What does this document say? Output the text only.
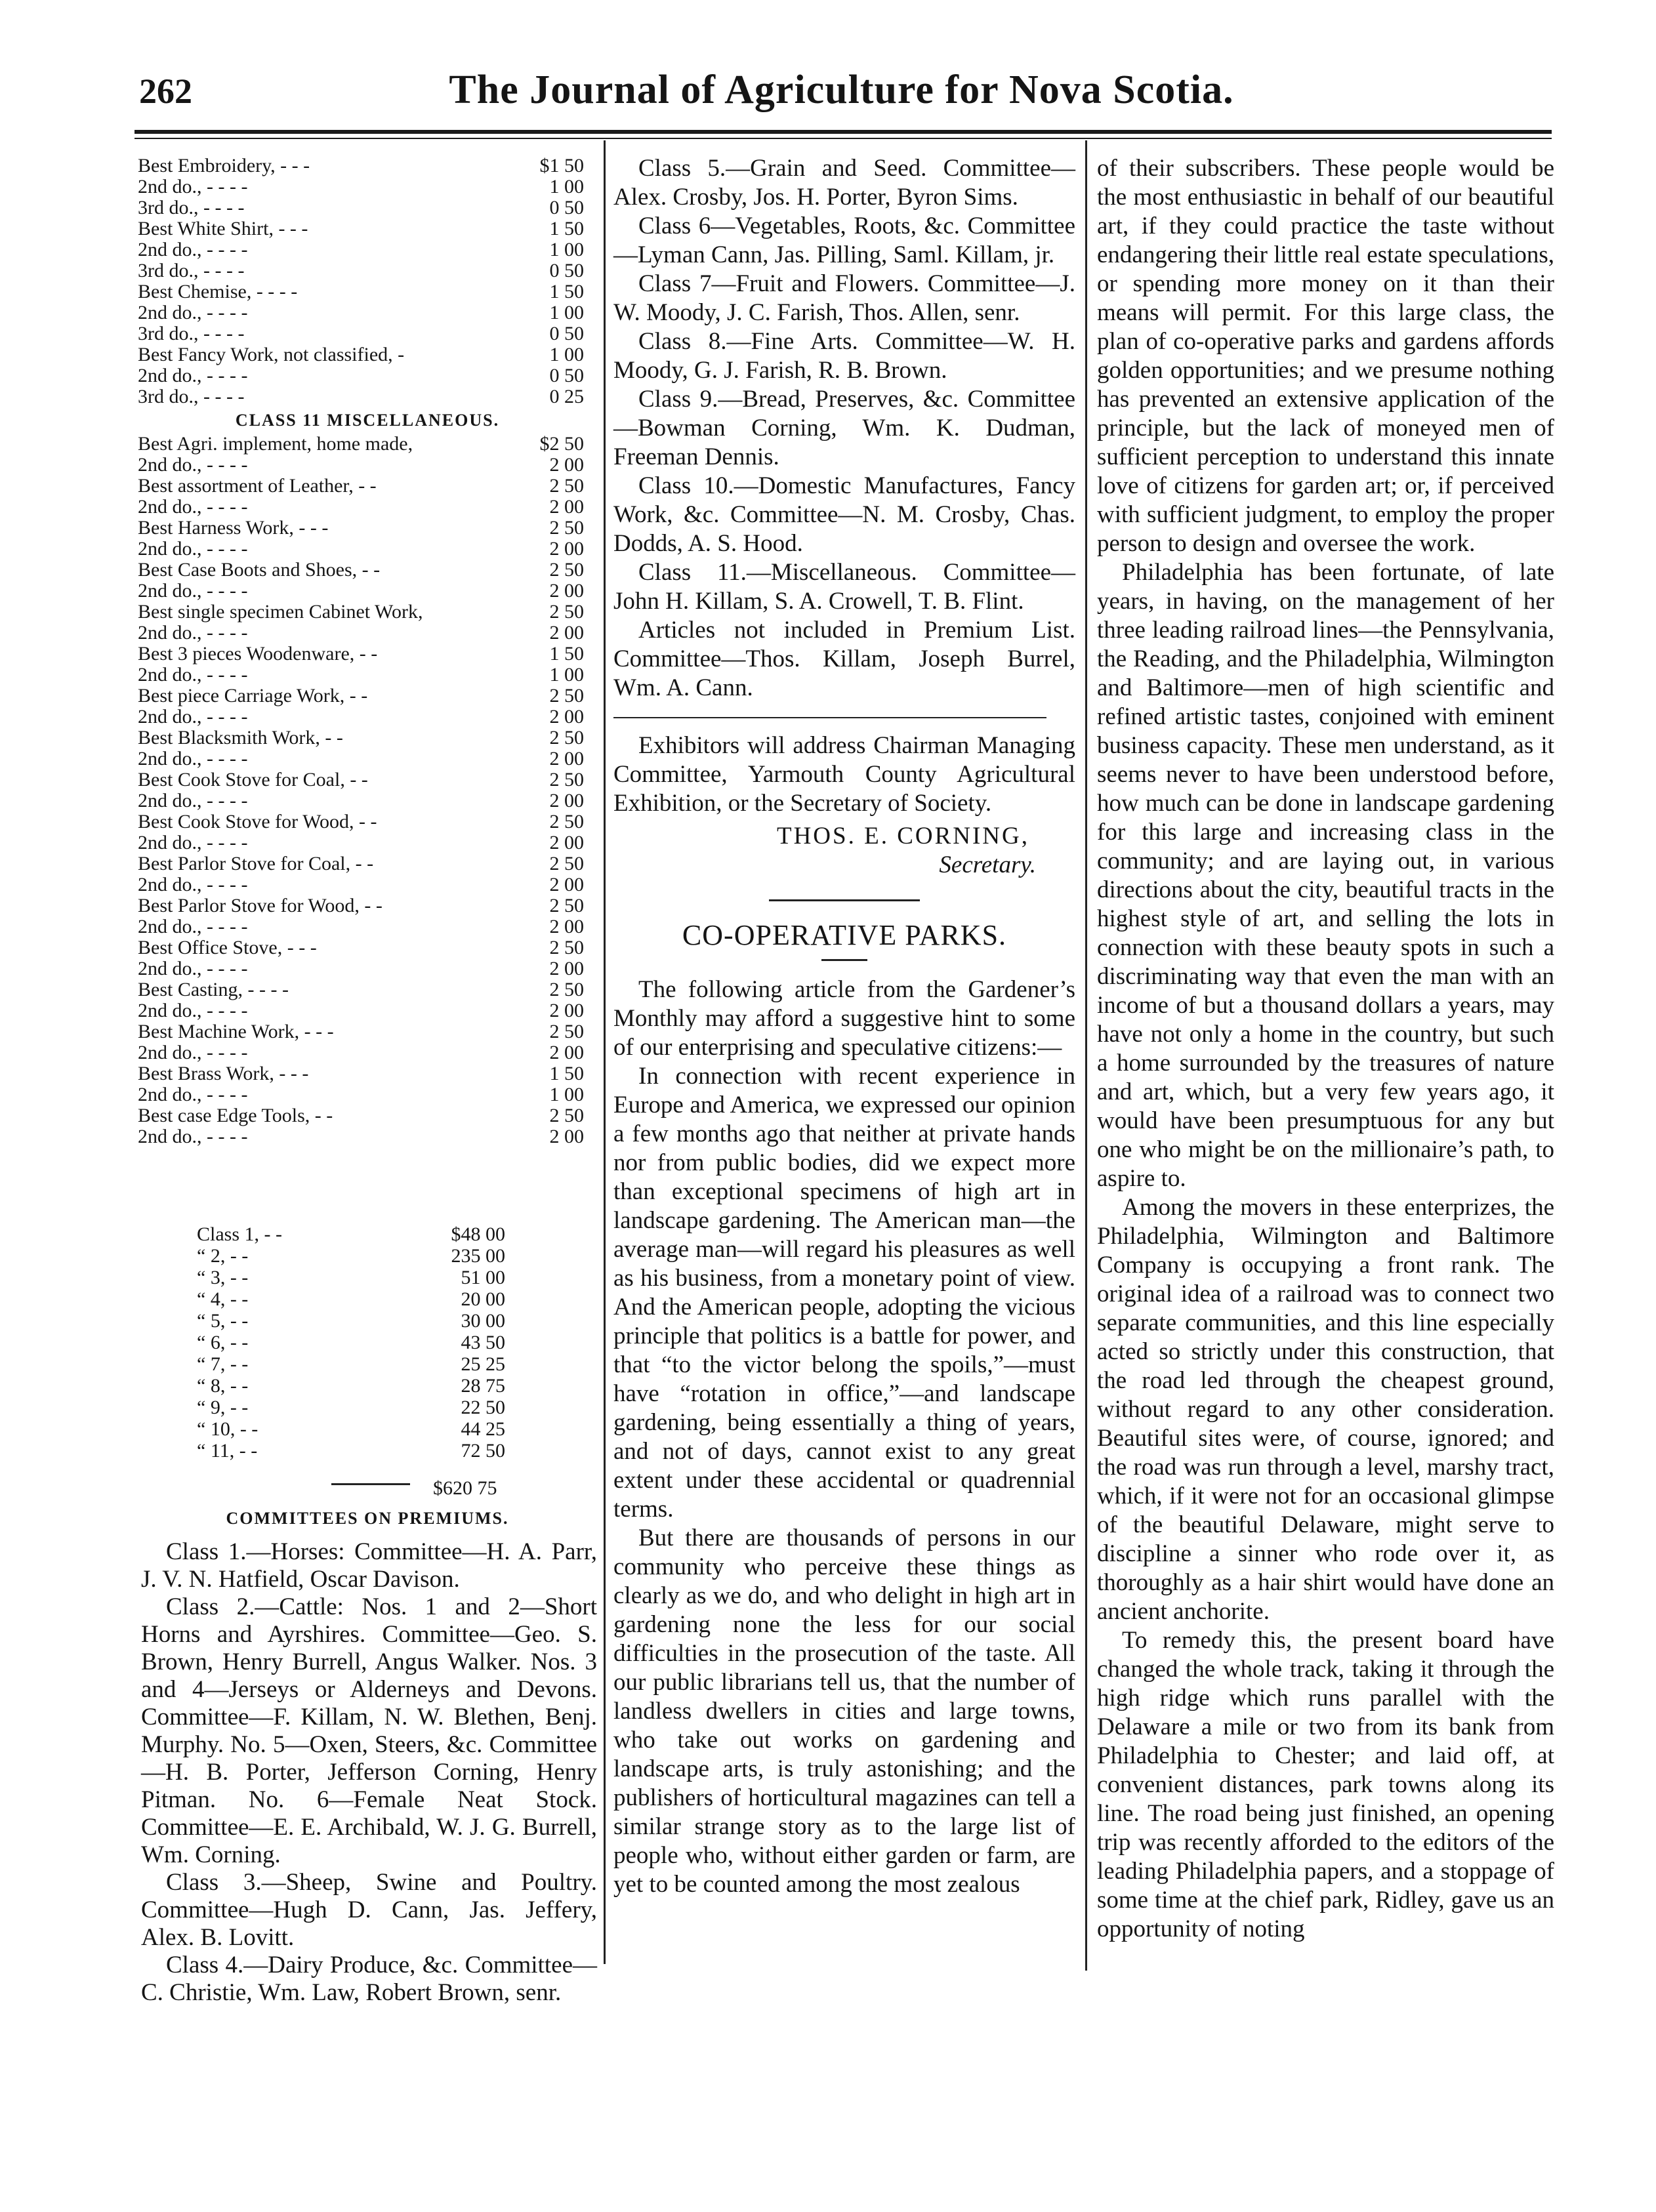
262	The Journal of Agriculture for Nova Scotia.
Best Embroidery, - - -	$1 50
2nd do., - - - -	1 00
3rd do., - - - -	0 50
Best White Shirt, - - -	1 50
2nd do., - - - -	1 00
3rd do., - - - -	0 50
Best Chemise, - - - -	1 50
2nd do., - - - -	1 00
3rd do., - - - -	0 50
Best Fancy Work, not classified, -	1 00
2nd do., - - - -	0 50
3rd do., - - - -	0 25
CLASS 11 MISCELLANEOUS.
Best Agri. implement, home made,	$2 50
2nd do., - - - -	2 00
Best assortment of Leather, - -	2 50
2nd do., - - - -	2 00
Best Harness Work, - - -	2 50
2nd do., - - - -	2 00
Best Case Boots and Shoes, - -	2 50
2nd do., - - - -	2 00
Best single specimen Cabinet Work,	2 50
2nd do., - - - -	2 00
Best 3 pieces Woodenware, - -	1 50
2nd do., - - - -	1 00
Best piece Carriage Work, - -	2 50
2nd do., - - - -	2 00
Best Blacksmith Work, - -	2 50
2nd do., - - - -	2 00
Best Cook Stove for Coal, - -	2 50
2nd do., - - - -	2 00
Best Cook Stove for Wood, - -	2 50
2nd do., - - - -	2 00
Best Parlor Stove for Coal, - -	2 50
2nd do., - - - -	2 00
Best Parlor Stove for Wood, - -	2 50
2nd do., - - - -	2 00
Best Office Stove, - - -	2 50
2nd do., - - - -	2 00
Best Casting, - - - -	2 50
2nd do., - - - -	2 00
Best Machine Work, - - -	2 50
2nd do., - - - -	2 00
Best Brass Work, - - -	1 50
2nd do., - - - -	1 00
Best case Edge Tools, - -	2 50
2nd do., - - - -	2 00
Class 1, - -	$48 00
“ 2, - -	235 00
“ 3, - -	51 00
“ 4, - -	20 00
“ 5, - -	30 00
“ 6, - -	43 50
“ 7, - -	25 25
“ 8, - -	28 75
“ 9, - -	22 50
“ 10, - -	44 25
“ 11, - -	72 50
$620 75
COMMITTEES ON PREMIUMS.

Class 1.—Horses: Committee—H. A. Parr, J. V. N. Hatfield, Oscar Davison.

Class 2.—Cattle: Nos. 1 and 2—Short Horns and Ayrshires. Committee—Geo. S. Brown, Henry Burrell, Angus Walker. Nos. 3 and 4—Jerseys or Alderneys and Devons. Committee—F. Killam, N. W. Blethen, Benj. Murphy. No. 5—Oxen, Steers, &c. Committee—H. B. Porter, Jefferson Corning, Henry Pitman. No. 6—Female Neat Stock. Committee—E. E. Archibald, W. J. G. Burrell, Wm. Corning.

Class 3.—Sheep, Swine and Poultry. Committee—Hugh D. Cann, Jas. Jeffery, Alex. B. Lovitt.

Class 4.—Dairy Produce, &c. Committee—C. Christie, Wm. Law, Robert Brown, senr.

Class 5.—Grain and Seed. Committee—Alex. Crosby, Jos. H. Porter, Byron Sims.

Class 6—Vegetables, Roots, &c. Committee—Lyman Cann, Jas. Pilling, Saml. Killam, jr.

Class 7—Fruit and Flowers. Committee—J. W. Moody, J. C. Farish, Thos. Allen, senr.

Class 8.—Fine Arts. Committee—W. H. Moody, G. J. Farish, R. B. Brown.

Class 9.—Bread, Preserves, &c. Committee—Bowman Corning, Wm. K. Dudman, Freeman Dennis.

Class 10.—Domestic Manufactures, Fancy Work, &c. Committee—N. M. Crosby, Chas. Dodds, A. S. Hood.

Class 11.—Miscellaneous. Committee—John H. Killam, S. A. Crowell, T. B. Flint.

Articles not included in Premium List. Committee—Thos. Killam, Joseph Burrel, Wm. A. Cann.

Exhibitors will address Chairman Managing Committee, Yarmouth County Agricultural Exhibition, or the Secretary of Society.

THOS. E. CORNING,
Secretary.
CO-OPERATIVE PARKS.

The following article from the Gardener’s Monthly may afford a suggestive hint to some of our enterprising and speculative citizens:—

In connection with recent experience in Europe and America, we expressed our opinion a few months ago that neither at private hands nor from public bodies, did we expect more than exceptional specimens of high art in landscape gardening. The American man—the average man—will regard his pleasures as well as his business, from a monetary point of view. And the American people, adopting the vicious principle that politics is a battle for power, and that “to the victor belong the spoils,”—must have “rotation in office,”—and landscape gardening, being essentially a thing of years, and not of days, cannot exist to any great extent under these accidental or quadrennial terms.

But there are thousands of persons in our community who perceive these things as clearly as we do, and who delight in high art in gardening none the less for our social difficulties in the prosecution of the taste. All our public librarians tell us, that the number of landless dwellers in cities and large towns, who take out works on gardening and landscape arts, is truly astonishing; and the publishers of horticultural magazines can tell a similar strange story as to the large list of people who, without either garden or farm, are yet to be counted among the most zealous

of their subscribers. These people would be the most enthusiastic in behalf of our beautiful art, if they could practice the taste without endangering their little real estate speculations, or spending more money on it than their means will permit. For this large class, the plan of co-operative parks and gardens affords golden opportunities; and we presume nothing has prevented an extensive application of the principle, but the lack of moneyed men of sufficient perception to understand this innate love of citizens for garden art; or, if perceived with sufficient judgment, to employ the proper person to design and oversee the work.

Philadelphia has been fortunate, of late years, in having, on the management of her three leading railroad lines—the Pennsylvania, the Reading, and the Philadelphia, Wilmington and Baltimore—men of high scientific and refined artistic tastes, conjoined with eminent business capacity. These men understand, as it seems never to have been understood before, how much can be done in landscape gardening for this large and increasing class in the community; and are laying out, in various directions about the city, beautiful tracts in the highest style of art, and selling the lots in connection with these beauty spots in such a discriminating way that even the man with an income of but a thousand dollars a years, may have not only a home in the country, but such a home surrounded by the treasures of nature and art, which, but a very few years ago, it would have been presumptuous for any but one who might be on the millionaire’s path, to aspire to.

Among the movers in these enterprizes, the Philadelphia, Wilmington and Baltimore Company is occupying a front rank. The original idea of a railroad was to connect two separate communities, and this line especially acted so strictly under this construction, that the road led through the cheapest ground, without regard to any other consideration. Beautiful sites were, of course, ignored; and the road was run through a level, marshy tract, which, if it were not for an occasional glimpse of the beautiful Delaware, might serve to discipline a sinner who rode over it, as thoroughly as a hair shirt would have done an ancient anchorite.

To remedy this, the present board have changed the whole track, taking it through the high ridge which runs parallel with the Delaware a mile or two from its bank from Philadelphia to Chester; and laid off, at convenient distances, park towns along its line. The road being just finished, an opening trip was recently afforded to the editors of the leading Philadelphia papers, and a stoppage of some time at the chief park, Ridley, gave us an opportunity of noting
